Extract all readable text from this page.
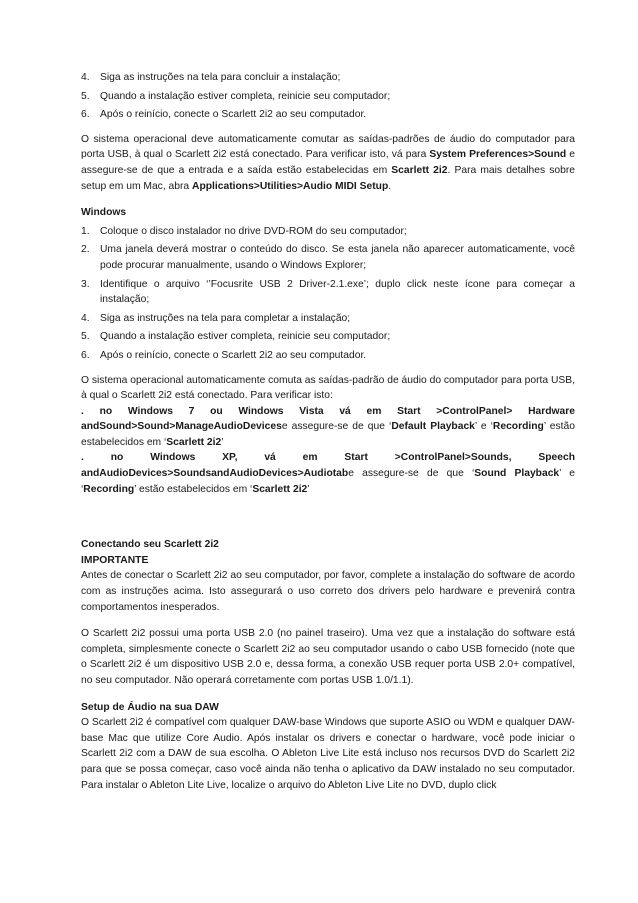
4. Siga as instruções na tela para concluir a instalação;
5. Quando a instalação estiver completa, reinicie seu computador;
6. Após o reinício, conecte o Scarlett 2i2 ao seu computador.

O sistema operacional deve automaticamente comutar as saídas-padrões de áudio do computador para porta USB, à qual o Scarlett 2i2 está conectado. Para verificar isto, vá para System Preferences>Sound e assegure-se de que a entrada e a saída estão estabelecidas em Scarlett 2i2. Para mais detalhes sobre setup em um Mac, abra Applications>Utilities>Audio MIDI Setup.

Windows
1. Coloque o disco instalador no drive DVD-ROM do seu computador;
2. Uma janela deverá mostrar o conteúdo do disco. Se esta janela não aparecer automaticamente, você pode procurar manualmente, usando o Windows Explorer;
3. Identifique o arquivo ‘’Focusrite USB 2 Driver-2.1.exe’; duplo click neste ícone para começar a instalação;
4. Siga as instruções na tela para completar a instalação;
5. Quando a instalação estiver completa, reinicie seu computador;
6. Após o reinício, conecte o Scarlett 2i2 ao seu computador.

O sistema operacional automaticamente comuta as saídas-padrão de áudio do computador para porta USB, à qual o Scarlett 2i2 está conectado. Para verificar isto:

. no Windows 7 ou Windows Vista vá em Start >ControlPanel> Hardware

andSound>Sound>ManageAudioDevicese assegure-se de que ‘Default Playback’ e ‘Recording’ estão estabelecidos em ‘Scarlett 2i2’

. no Windows XP, vá em Start >ControlPanel>Sounds, Speech

andAudioDevices>SoundsandAudioDevices>Audiotabe assegure-se de que ‘Sound Playback’ e ‘Recording’ estão estabelecidos em ‘Scarlett 2i2’

Conectando seu Scarlett 2i2
IMPORTANTE

Antes de conectar o Scarlett 2i2 ao seu computador, por favor, complete a instalação do software de acordo com as instruções acima. Isto assegurará o uso correto dos drivers pelo hardware e prevenirá contra comportamentos inesperados.

O Scarlett 2i2 possui uma porta USB 2.0 (no painel traseiro). Uma vez que a instalação do software está completa, simplesmente conecte o Scarlett 2i2 ao seu computador usando o cabo USB fornecido (note que o Scarlett 2i2 é um dispositivo USB 2.0 e, dessa forma, a conexão USB requer porta USB 2.0+ compatível, no seu computador. Não operará corretamente com portas USB 1.0/1.1).

Setup de Áudio na sua DAW

O Scarlett 2i2 é compatível com qualquer DAW-base Windows que suporte ASIO ou WDM e qualquer DAW-base Mac que utilize Core Audio. Após instalar os drivers e conectar o hardware, você pode iniciar o Scarlett 2i2 com a DAW de sua escolha. O Ableton Live Lite está incluso nos recursos DVD do Scarlett 2i2 para que se possa começar, caso você ainda não tenha o aplicativo da DAW instalado no seu computador. Para instalar o Ableton Lite Live, localize o arquivo do Ableton Live Lite no DVD, duplo click
